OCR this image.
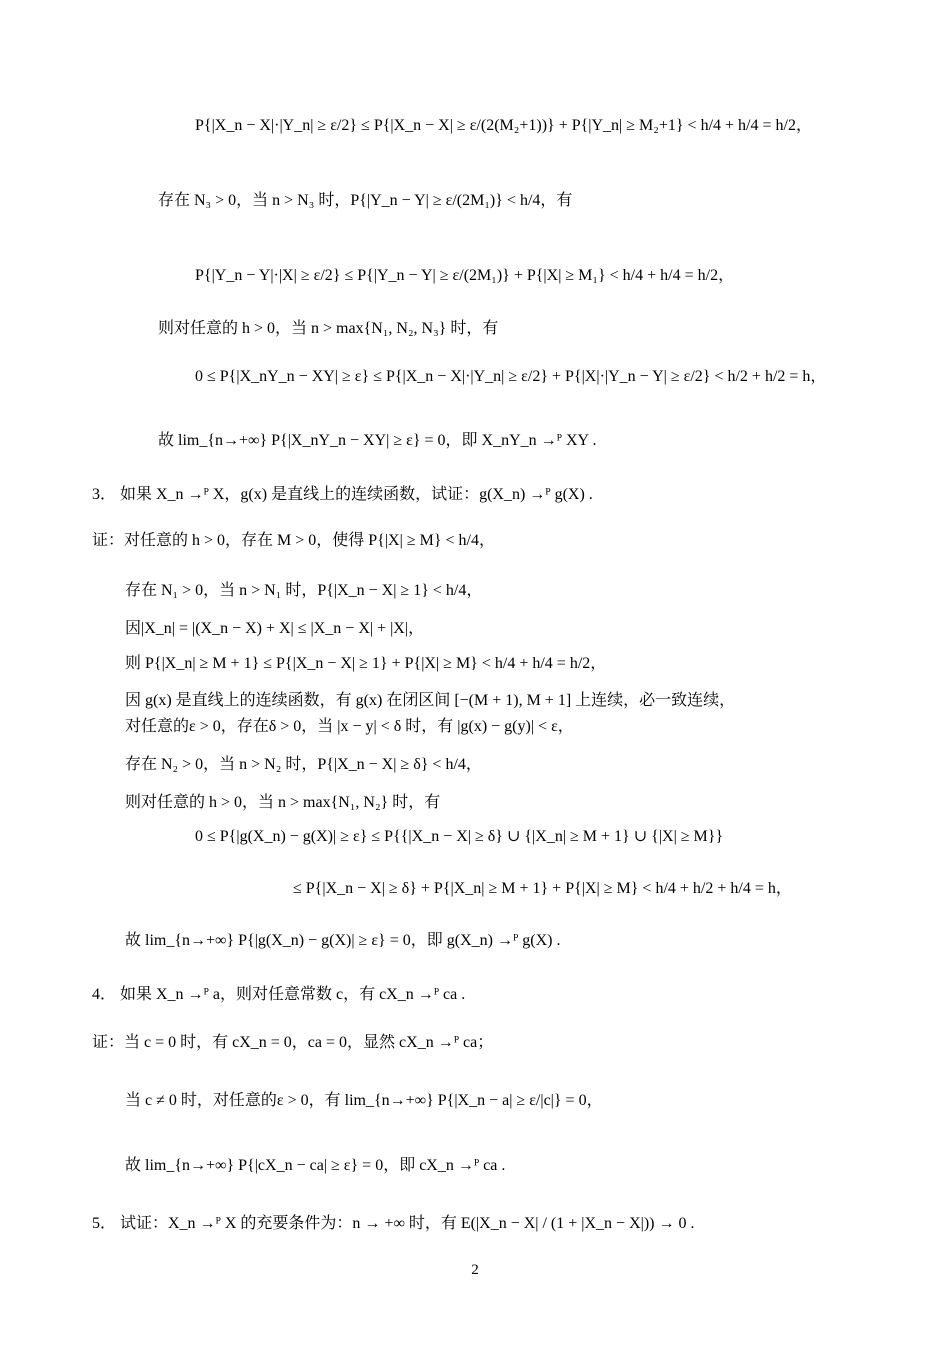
P{|X_n − X|·|Y_n| ≥ ε/2} ≤ P{|X_n − X| ≥ ε/(2(M₂+1))} + P{|Y_n| ≥ M₂+1} < h/4 + h/4 = h/2，
存在 N₃ > 0，当 n > N₃ 时，P{|Y_n − Y| ≥ ε/(2M₁)} < h/4，有
P{|Y_n − Y|·|X| ≥ ε/2} ≤ P{|Y_n − Y| ≥ ε/(2M₁)} + P{|X| ≥ M₁} < h/4 + h/4 = h/2，
则对任意的 h > 0，当 n > max{N₁, N₂, N₃} 时，有
0 ≤ P{|X_nY_n − XY| ≥ ε} ≤ P{|X_n − X|·|Y_n| ≥ ε/2} + P{|X|·|Y_n − Y| ≥ ε/2} < h/2 + h/2 = h，
故 lim_{n→+∞} P{|X_nY_n − XY| ≥ ε} = 0，即 X_nY_n →ᴾ XY .
3． 如果 X_n →ᴾ X，g(x) 是直线上的连续函数，试证：g(X_n) →ᴾ g(X) .
证：对任意的 h > 0，存在 M > 0，使得 P{|X| ≥ M} < h/4，
存在 N₁ > 0，当 n > N₁ 时，P{|X_n − X| ≥ 1} < h/4，
因|X_n| = |(X_n − X) + X| ≤ |X_n − X| + |X|，
则 P{|X_n| ≥ M + 1} ≤ P{|X_n − X| ≥ 1} + P{|X| ≥ M} < h/4 + h/4 = h/2，
因 g(x) 是直线上的连续函数，有 g(x) 在闭区间 [−(M + 1), M + 1] 上连续，必一致连续，
对任意的ε > 0，存在δ > 0，当 |x − y| < δ 时，有 |g(x) − g(y)| < ε，
存在 N₂ > 0，当 n > N₂ 时，P{|X_n − X| ≥ δ} < h/4，
则对任意的 h > 0，当 n > max{N₁, N₂} 时，有
0 ≤ P{|g(X_n) − g(X)| ≥ ε} ≤ P{{|X_n − X| ≥ δ} ∪ {|X_n| ≥ M + 1} ∪ {|X| ≥ M}}
≤ P{|X_n − X| ≥ δ} + P{|X_n| ≥ M + 1} + P{|X| ≥ M} < h/4 + h/2 + h/4 = h，
故 lim_{n→+∞} P{|g(X_n) − g(X)| ≥ ε} = 0，即 g(X_n) →ᴾ g(X) .
4． 如果 X_n →ᴾ a，则对任意常数 c，有 cX_n →ᴾ ca .
证：当 c = 0 时，有 cX_n = 0，ca = 0，显然 cX_n →ᴾ ca；
当 c ≠ 0 时，对任意的ε > 0，有 lim_{n→+∞} P{|X_n − a| ≥ ε/|c|} = 0，
故 lim_{n→+∞} P{|cX_n − ca| ≥ ε} = 0，即 cX_n →ᴾ ca .
5． 试证：X_n →ᴾ X 的充要条件为：n → +∞ 时，有 E(|X_n − X| / (1 + |X_n − X|)) → 0 .
2
